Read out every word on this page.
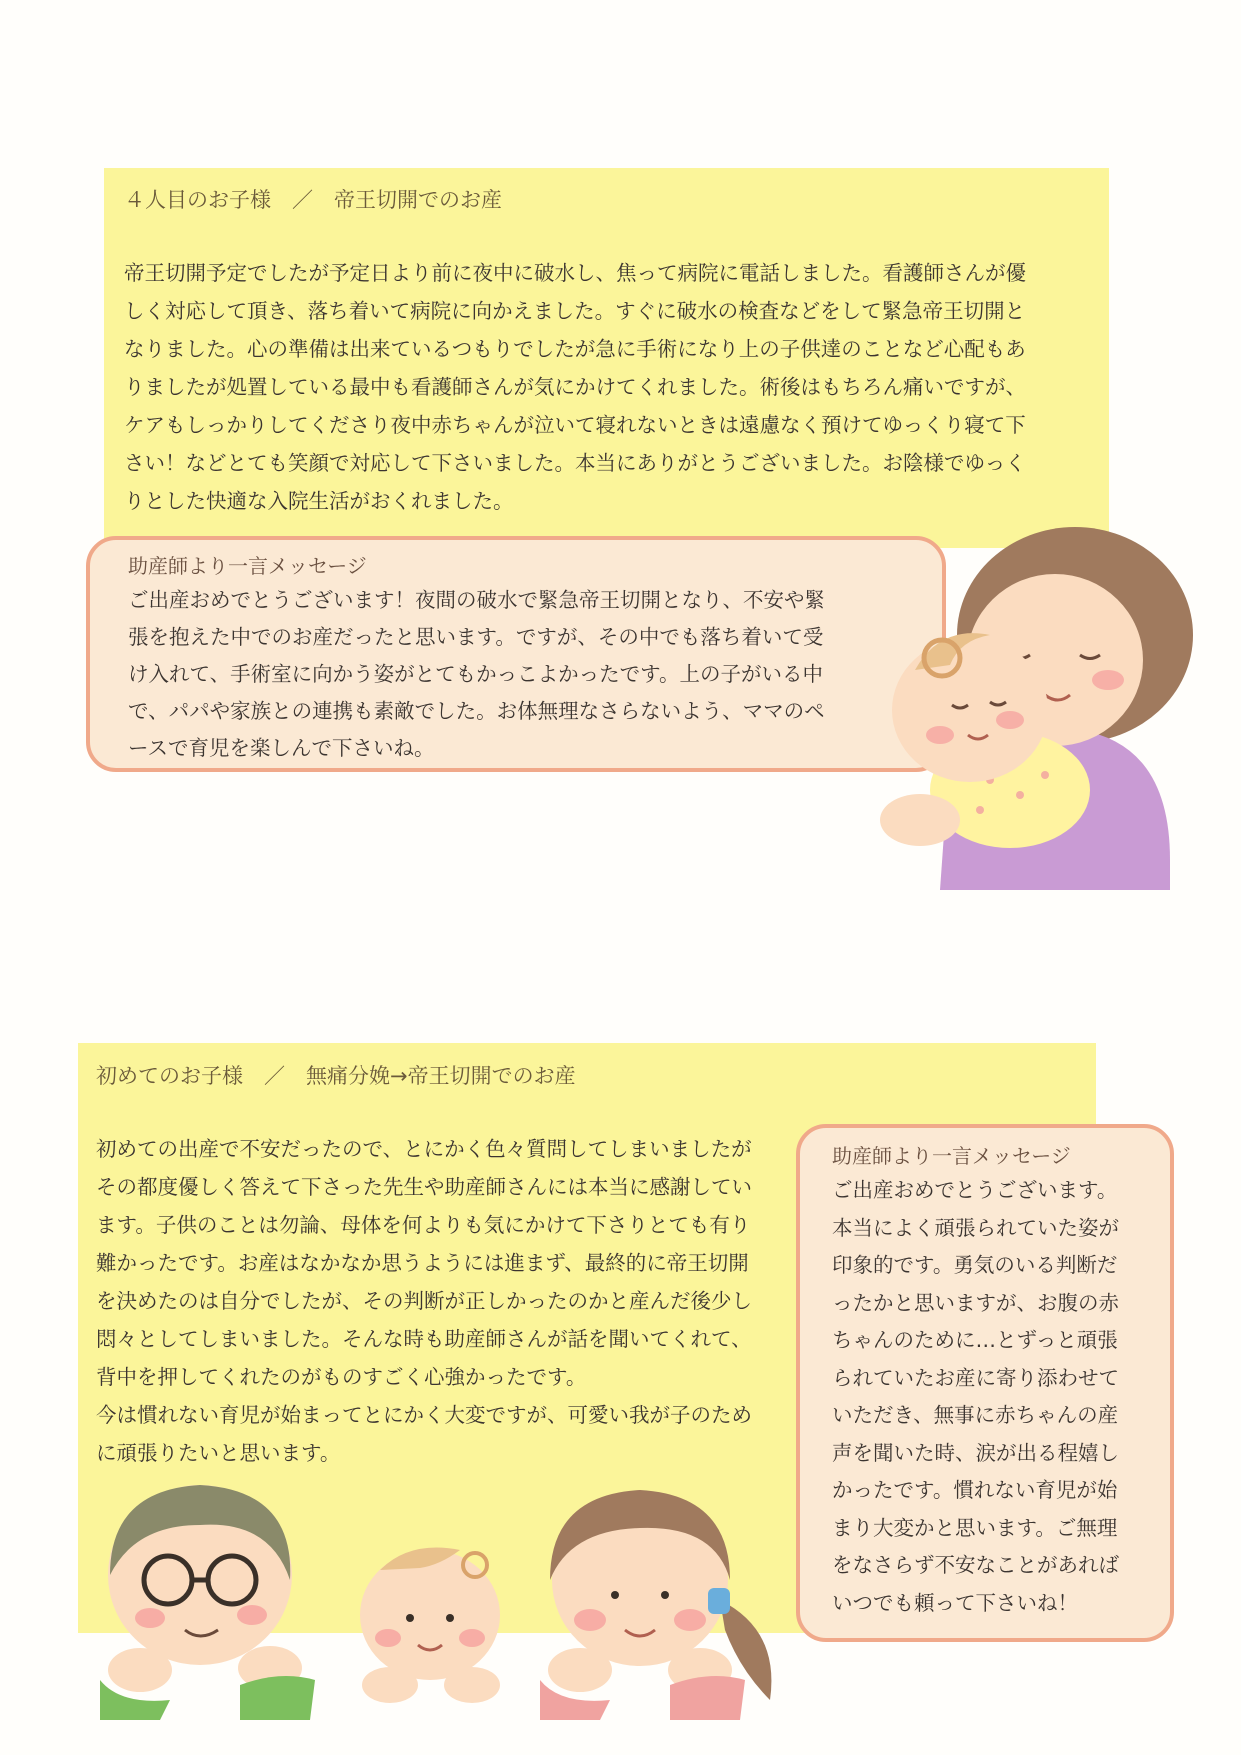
４人目のお子様　／　帝王切開でのお産
帝王切開予定でしたが予定日より前に夜中に破水し、焦って病院に電話しました。看護師さんが優
しく対応して頂き、落ち着いて病院に向かえました。すぐに破水の検査などをして緊急帝王切開と
なりました。心の準備は出来ているつもりでしたが急に手術になり上の子供達のことなど心配もあ
りましたが処置している最中も看護師さんが気にかけてくれました。術後はもちろん痛いですが、
ケアもしっかりしてくださり夜中赤ちゃんが泣いて寝れないときは遠慮なく預けてゆっくり寝て下
さい！などとても笑顔で対応して下さいました。本当にありがとうございました。お陰様でゆっく
りとした快適な入院生活がおくれました。
助産師より一言メッセージ
ご出産おめでとうございます！夜間の破水で緊急帝王切開となり、不安や緊
張を抱えた中でのお産だったと思います。ですが、その中でも落ち着いて受
け入れて、手術室に向かう姿がとてもかっこよかったです。上の子がいる中
で、パパや家族との連携も素敵でした。お体無理なさらないよう、ママのペ
ースで育児を楽しんで下さいね。
初めてのお子様　／　無痛分娩→帝王切開でのお産
初めての出産で不安だったので、とにかく色々質問してしまいましたが
その都度優しく答えて下さった先生や助産師さんには本当に感謝してい
ます。子供のことは勿論、母体を何よりも気にかけて下さりとても有り
難かったです。お産はなかなか思うようには進まず、最終的に帝王切開
を決めたのは自分でしたが、その判断が正しかったのかと産んだ後少し
悶々としてしまいました。そんな時も助産師さんが話を聞いてくれて、
背中を押してくれたのがものすごく心強かったです。
今は慣れない育児が始まってとにかく大変ですが、可愛い我が子のため
に頑張りたいと思います。
助産師より一言メッセージ
ご出産おめでとうございます。
本当によく頑張られていた姿が
印象的です。勇気のいる判断だ
ったかと思いますが、お腹の赤
ちゃんのために…とずっと頑張
られていたお産に寄り添わせて
いただき、無事に赤ちゃんの産
声を聞いた時、涙が出る程嬉し
かったです。慣れない育児が始
まり大変かと思います。ご無理
をなさらず不安なことがあれば
いつでも頼って下さいね！
